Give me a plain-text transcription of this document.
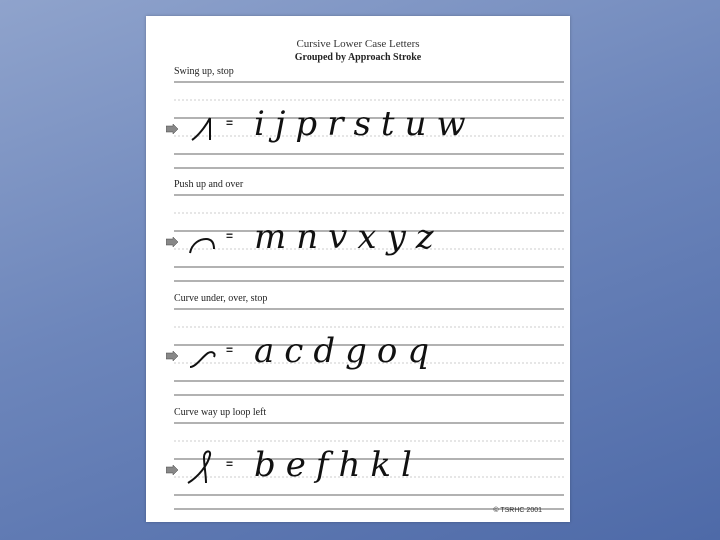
Cursive Lower Case Letters
Grouped by Approach Stroke
Swing up, stop
= i j p r s t u w
Push up and over
= m n v x y z
Curve under, over, stop
= a c d g o q
Curve way up loop left
= b e f h k l
© TSRHC 2001
